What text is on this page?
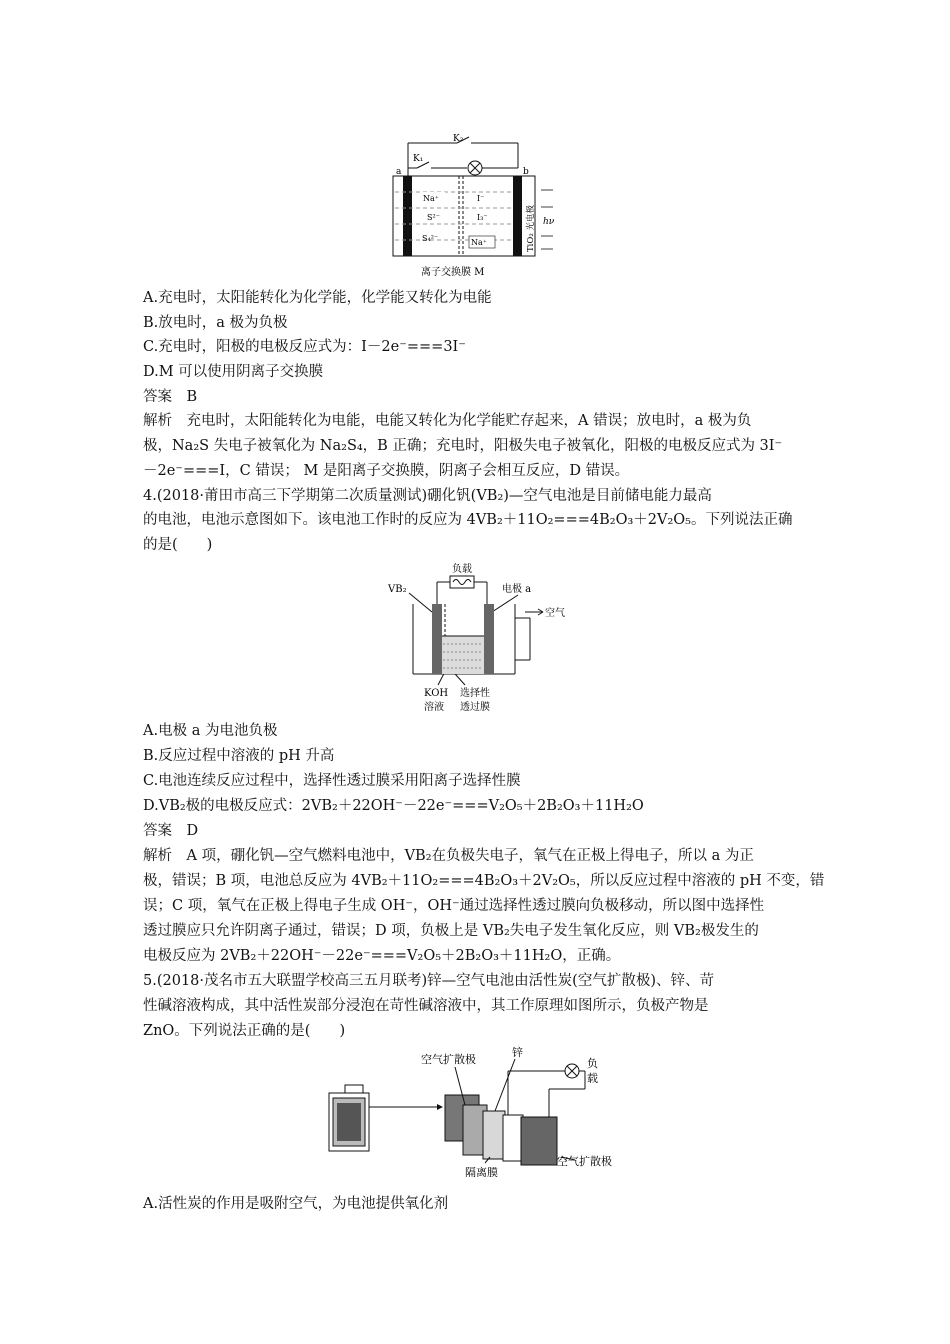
K₂
K₁
a	b
Na⁺
S²⁻
S₄²⁻
I⁻
I₃⁻
Na⁺	TiO₂ 光电极 hν
离子交换膜 M
A.充电时，太阳能转化为化学能，化学能又转化为电能
B.放电时，a 极为负极
C.充电时，阳极的电极反应式为：I－2e⁻===3I⁻
D.M 可以使用阴离子交换膜
答案　B
解析　充电时，太阳能转化为电能，电能又转化为化学能贮存起来，A 错误；放电时，a 极为负
极，Na₂S 失电子被氧化为 Na₂S₄，B 正确；充电时，阳极失电子被氧化，阳极的电极反应式为 3I⁻
－2e⁻===I，C 错误； M 是阳离子交换膜，阴离子会相互反应，D 错误。
4.(2018·莆田市高三下学期第二次质量测试)硼化钒(VB₂)—空气电池是目前储电能力最高
的电池，电池示意图如下。该电池工作时的反应为 4VB₂＋11O₂===4B₂O₃＋2V₂O₅。下列说法正确
的是(　　)
负载
VB₂	电极 a
空气
KOH
溶液
选择性
透过膜
A.电极 a 为电池负极
B.反应过程中溶液的 pH 升高
C.电池连续反应过程中，选择性透过膜采用阳离子选择性膜
D.VB₂极的电极反应式：2VB₂＋22OH⁻－22e⁻===V₂O₅＋2B₂O₃＋11H₂O
答案　D
解析　A 项，硼化钒—空气燃料电池中，VB₂在负极失电子，氧气在正极上得电子，所以 a 为正
极，错误；B 项，电池总反应为 4VB₂＋11O₂===4B₂O₃＋2V₂O₅，所以反应过程中溶液的 pH 不变，错
误；C 项，氧气在正极上得电子生成 OH⁻，OH⁻通过选择性透过膜向负极移动，所以图中选择性
透过膜应只允许阴离子通过，错误；D 项，负极上是 VB₂失电子发生氧化反应，则 VB₂极发生的
电极反应为 2VB₂＋22OH⁻－22e⁻===V₂O₅＋2B₂O₃＋11H₂O，正确。
5.(2018·茂名市五大联盟学校高三五月联考)锌—空气电池由活性炭(空气扩散极)、锌、苛
性碱溶液构成，其中活性炭部分浸泡在苛性碱溶液中，其工作原理如图所示，负极产物是
ZnO。下列说法正确的是(　　)
空气扩散极
锌
负
载
隔离膜
空气扩散极
A.活性炭的作用是吸附空气，为电池提供氧化剂
